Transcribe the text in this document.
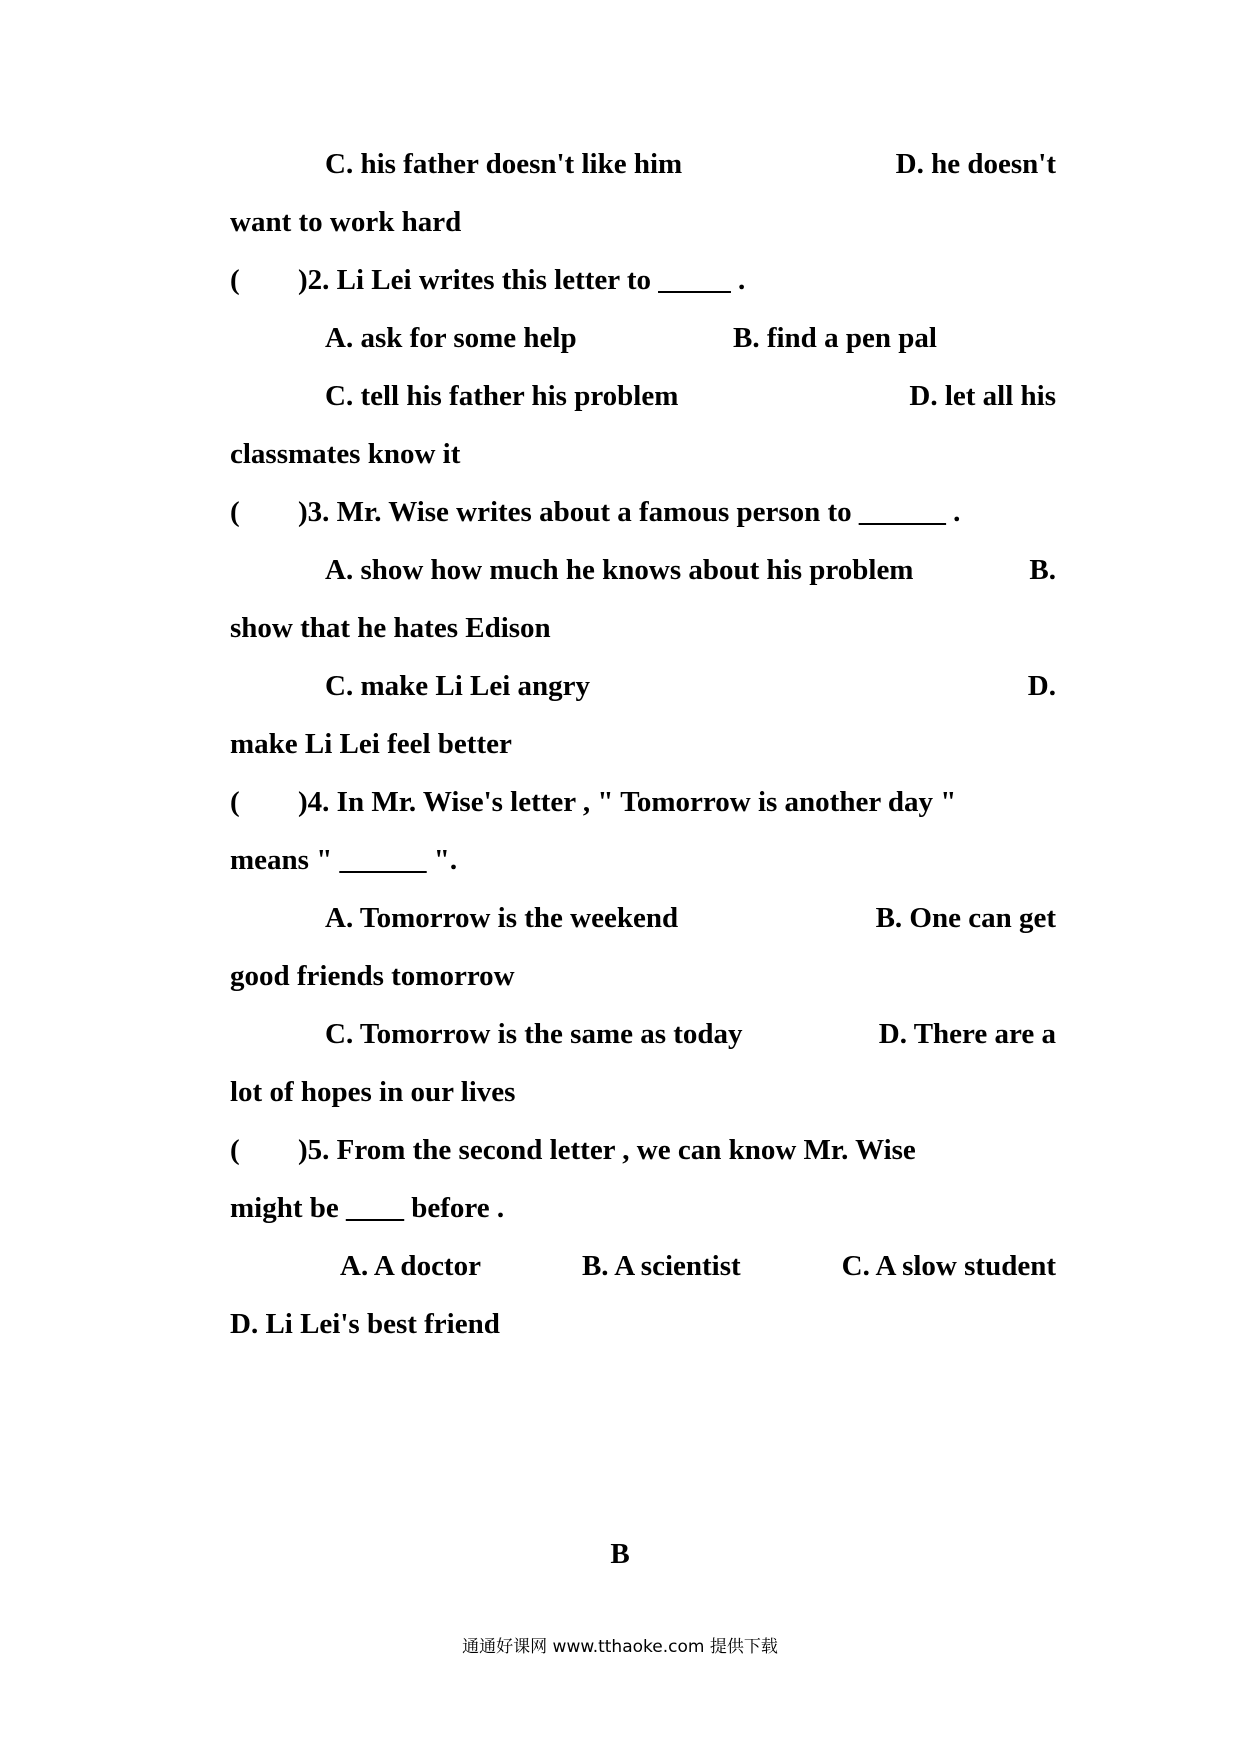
C. his father doesn't like him	D. he doesn't
want to work hard
( )2. Li Lei writes this letter to _____ .
A. ask for some help	B. find a pen pal
C. tell his father his problem	D. let all his
classmates know it
( )3. Mr. Wise writes about a famous person to ______ .
A. show how much he knows about his problem	B.
show that he hates Edison
C. make Li Lei angry	D.
make Li Lei feel better
( )4. In Mr. Wise's letter , " Tomorrow is another day "
means " ______ ".
A. Tomorrow is the weekend	B. One can get
good friends tomorrow
C. Tomorrow is the same as today	D. There are a
lot of hopes in our lives
( )5. From the second letter , we can know Mr. Wise
might be ____ before .
A. A doctor	B. A scientist	C. A slow student
D. Li Lei's best friend
B
通通好课网 www.tthaoke.com 提供下载
